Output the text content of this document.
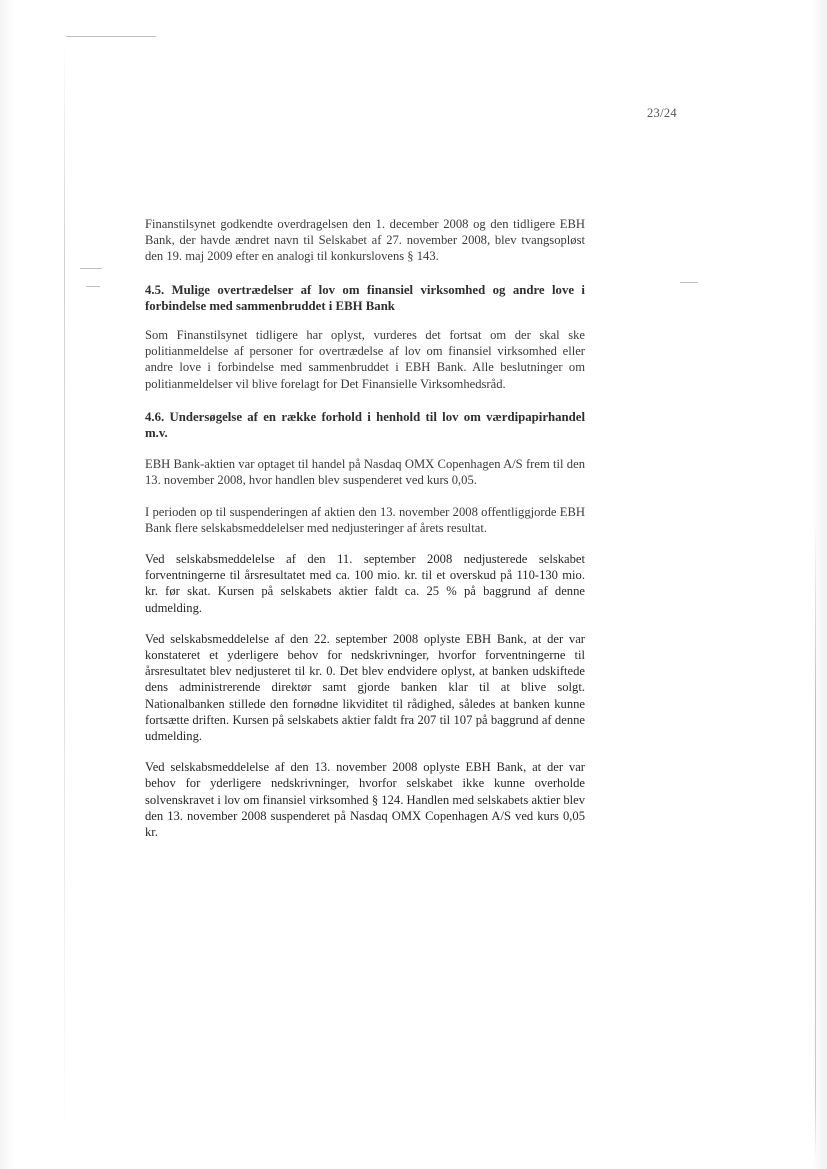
23/24

Finanstilsynet godkendte overdragelsen den 1. december 2008 og den tidligere EBH Bank, der havde ændret navn til Selskabet af 27. november 2008, blev tvangsopløst den 19. maj 2009 efter en analogi til konkurslovens § 143.

4.5. Mulige overtrædelser af lov om finansiel virksomhed og andre love i forbindelse med sammenbruddet i EBH Bank

Som Finanstilsynet tidligere har oplyst, vurderes det fortsat om der skal ske politianmeldelse af personer for overtrædelse af lov om finansiel virksomhed eller andre love i forbindelse med sammenbruddet i EBH Bank. Alle beslutninger om politianmeldelser vil blive forelagt for Det Finansielle Virksomhedsråd.

4.6. Undersøgelse af en række forhold i henhold til lov om værdipapirhandel m.v.

EBH Bank-aktien var optaget til handel på Nasdaq OMX Copenhagen A/S frem til den 13. november 2008, hvor handlen blev suspenderet ved kurs 0,05.

I perioden op til suspenderingen af aktien den 13. november 2008 offentliggjorde EBH Bank flere selskabsmeddelelser med nedjusteringer af årets resultat.

Ved selskabsmeddelelse af den 11. september 2008 nedjusterede selskabet forventningerne til årsresultatet med ca. 100 mio. kr. til et overskud på 110-130 mio. kr. før skat. Kursen på selskabets aktier faldt ca. 25 % på baggrund af denne udmelding.

Ved selskabsmeddelelse af den 22. september 2008 oplyste EBH Bank, at der var konstateret et yderligere behov for nedskrivninger, hvorfor forventningerne til årsresultatet blev nedjusteret til kr. 0. Det blev endvidere oplyst, at banken udskiftede dens administrerende direktør samt gjorde banken klar til at blive solgt. Nationalbanken stillede den fornødne likviditet til rådighed, således at banken kunne fortsætte driften. Kursen på selskabets aktier faldt fra 207 til 107 på baggrund af denne udmelding.

Ved selskabsmeddelelse af den 13. november 2008 oplyste EBH Bank, at der var behov for yderligere nedskrivninger, hvorfor selskabet ikke kunne overholde solvenskravet i lov om finansiel virksomhed § 124. Handlen med selskabets aktier blev den 13. november 2008 suspenderet på Nasdaq OMX Copenhagen A/S ved kurs 0,05 kr.
